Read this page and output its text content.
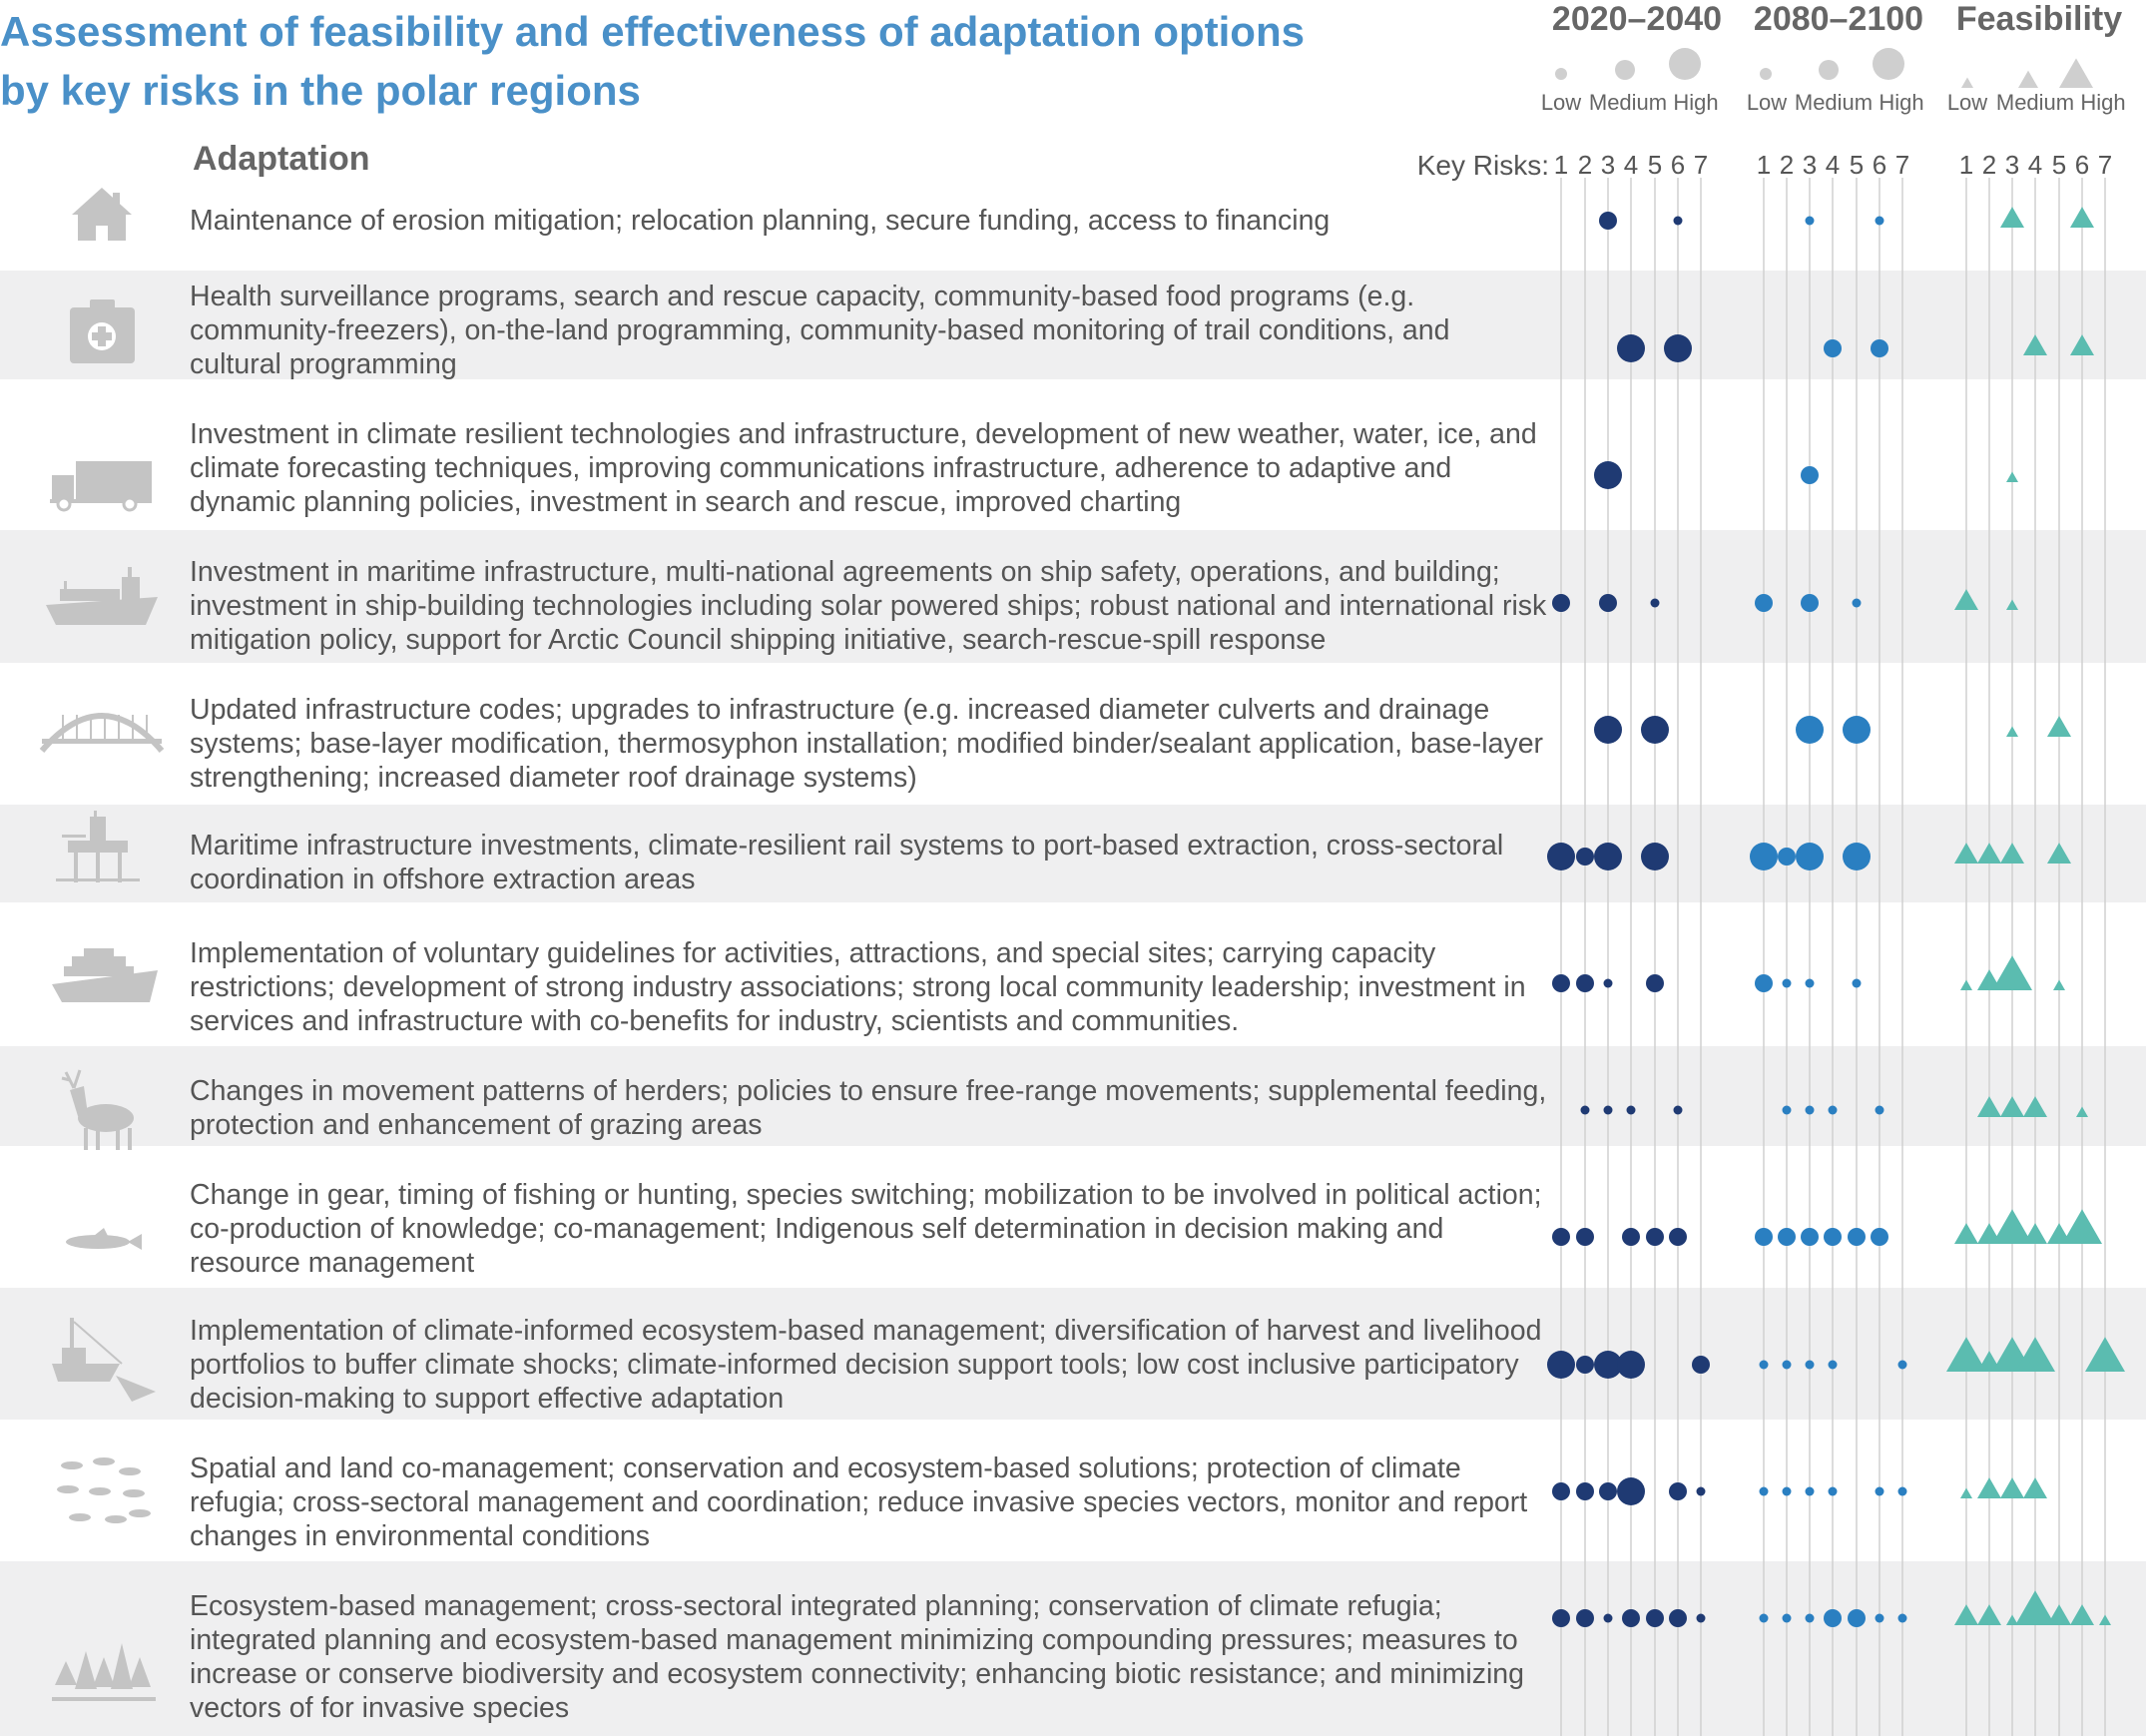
Assessment of feasibility and effectiveness of adaptation options
by key risks in the polar regions
2020–2040 2080–2100 Feasibility
Low Medium High Low Medium High Low Medium High
Adaptation	Key Risks: 1 2 3 4 5 6 7 1 2 3 4 5 6 7 1 2 3 4 5 6 7
Maintenance of erosion mitigation; relocation planning, secure funding, access to financing
Health surveillance programs, search and rescue capacity, community-based food programs (e.g. community-freezers), on-the-land programming, community-based monitoring of trail conditions, and cultural programming
Investment in climate resilient technologies and infrastructure, development of new weather, water, ice, and climate forecasting techniques, improving communications infrastructure, adherence to adaptive and dynamic planning policies, investment in search and rescue, improved charting
Investment in maritime infrastructure, multi-national agreements on ship safety, operations, and building; investment in ship-building technologies including solar powered ships; robust national and international risk mitigation policy, support for Arctic Council shipping initiative, search-rescue-spill response
Updated infrastructure codes; upgrades to infrastructure (e.g. increased diameter culverts and drainage systems; base-layer modification, thermosyphon installation; modified binder/sealant application, base-layer strengthening; increased diameter roof drainage systems)
Maritime infrastructure investments, climate-resilient rail systems to port-based extraction, cross-sectoral coordination in offshore extraction areas
Implementation of voluntary guidelines for activities, attractions, and special sites; carrying capacity restrictions; development of strong industry associations; strong local community leadership; investment in services and infrastructure with co-benefits for industry, scientists and communities.
Changes in movement patterns of herders; policies to ensure free-range movements; supplemental feeding, protection and enhancement of grazing areas
Change in gear, timing of fishing or hunting, species switching; mobilization to be involved in political action; co-production of knowledge; co-management; Indigenous self determination in decision making and resource management
Implementation of climate-informed ecosystem-based management; diversification of harvest and livelihood portfolios to buffer climate shocks; climate-informed decision support tools; low cost inclusive participatory decision-making to support effective adaptation
Spatial and land co-management; conservation and ecosystem-based solutions; protection of climate refugia; cross-sectoral management and coordination; reduce invasive species vectors, monitor and report changes in environmental conditions
Ecosystem-based management; cross-sectoral integrated planning; conservation of climate refugia; integrated planning and ecosystem-based management minimizing compounding pressures; measures to increase or conserve biodiversity and ecosystem connectivity; enhancing biotic resistance; and minimizing vectors of for invasive species
